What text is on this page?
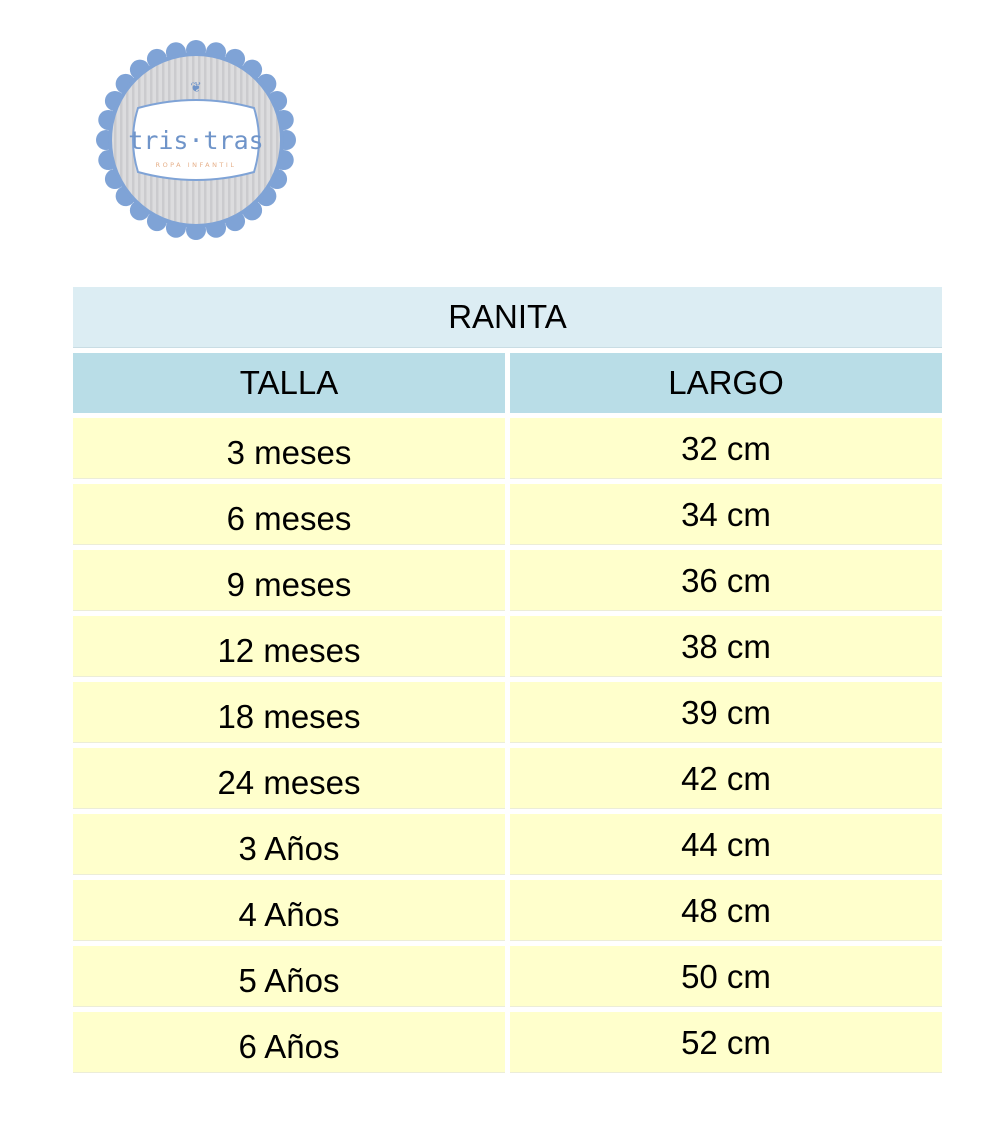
❦
tris·tras
ROPA INFANTIL
RANITA
TALLA	LARGO
3 meses	32 cm
6 meses	34 cm
9 meses	36 cm
12 meses	38 cm
18 meses	39 cm
24 meses	42 cm
3 Años	44 cm
4 Años	48 cm
5 Años	50 cm
6 Años	52 cm
